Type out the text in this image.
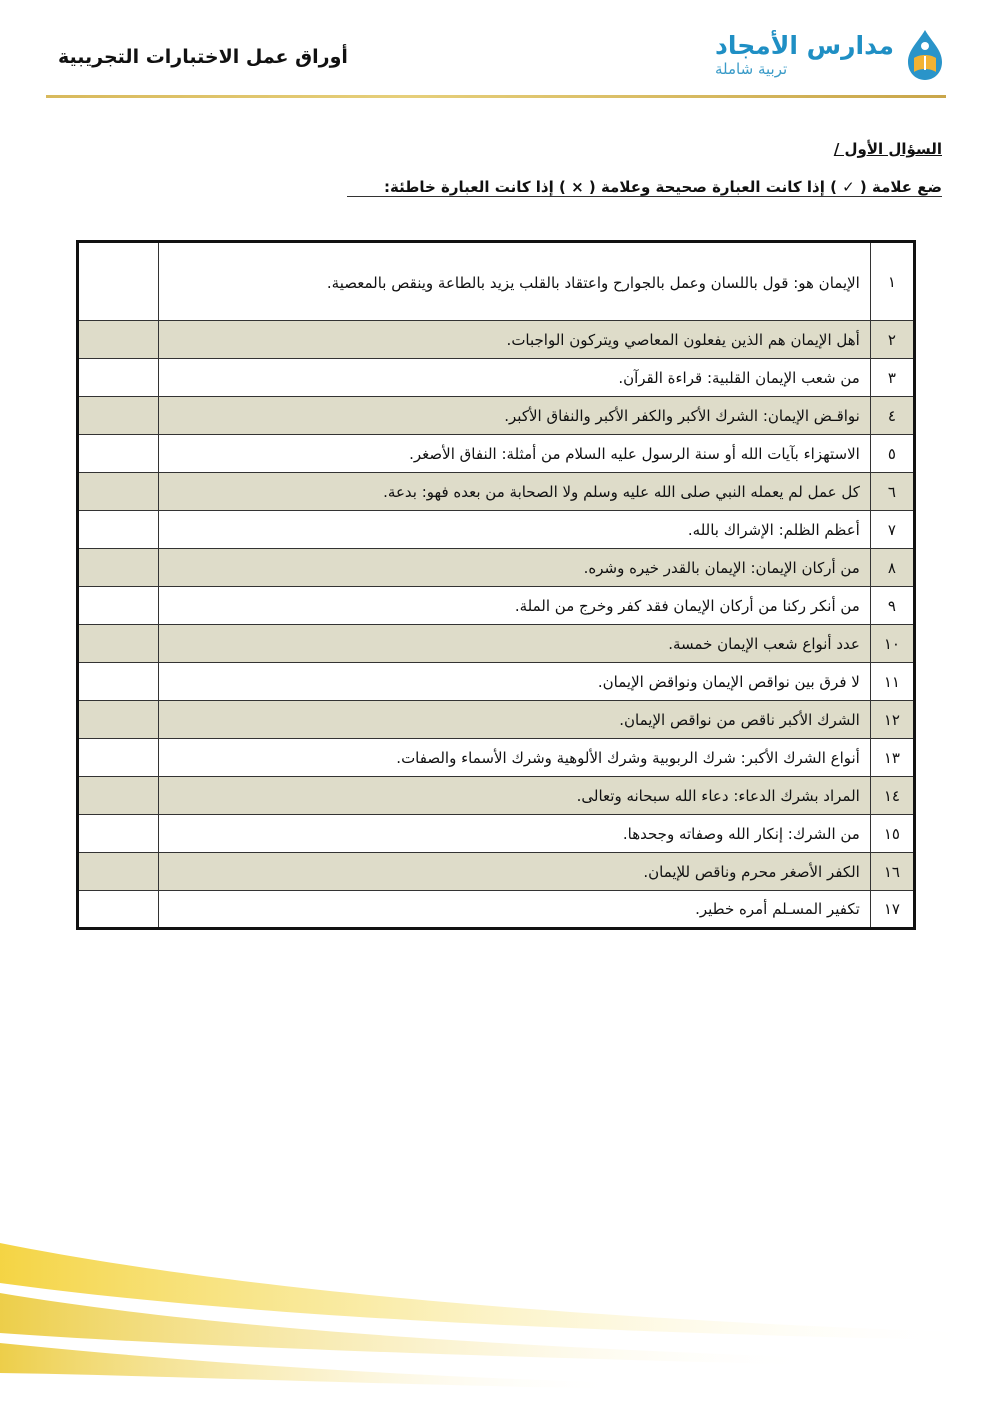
مدارس الأمجاد
تربية شاملة
أوراق عمل الاختبارات التجريبية
السؤال الأول /
ضع علامة ( ✓ ) إذا كانت العبارة صحيحة وعلامة ( × ) إذا كانت العبارة خاطئة:
١	الإيمان هو: قول باللسان وعمل بالجوارح واعتقاد بالقلب يزيد بالطاعة وينقص بالمعصية.	
٢	أهل الإيمان هم الذين يفعلون المعاصي ويتركون الواجبات.	
٣	من شعب الإيمان القلبية: قراءة القرآن.	
٤	نواقـض الإيمان: الشرك الأكبر والكفر الأكبر والنفاق الأكبر.	
٥	الاستهزاء بآيات الله أو سنة الرسول عليه السلام من أمثلة: النفاق الأصغر.	
٦	كل عمل لم يعمله النبي صلى الله عليه وسلم ولا الصحابة من بعده فهو: بدعة.	
٧	أعظم الظلم: الإشراك بالله.	
٨	من أركان الإيمان: الإيمان بالقدر خيره وشره.	
٩	من أنكر ركنا من أركان الإيمان فقد كفر وخرج من الملة.	
١٠	عدد أنواع شعب الإيمان خمسة.	
١١	لا فرق بين نواقص الإيمان ونواقض الإيمان.	
١٢	الشرك الأكبر ناقص من نواقص الإيمان.	
١٣	أنواع الشرك الأكبر: شرك الربوبية وشرك الألوهية وشرك الأسماء والصفات.	
١٤	المراد بشرك الدعاء: دعاء الله سبحانه وتعالى.	
١٥	من الشرك: إنكار الله وصفاته وجحدها.	
١٦	الكفر الأصغر محرم وناقص للإيمان.	
١٧	تكفير المسـلم أمره خطير.	
